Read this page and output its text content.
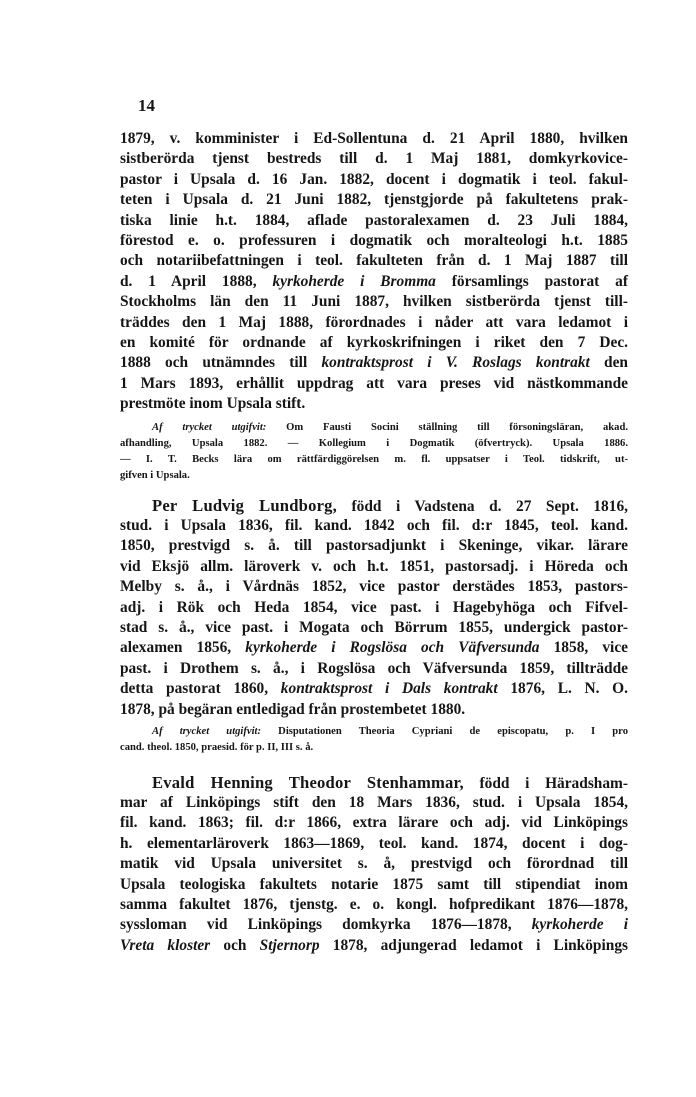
14

1879, v. komminister i Ed-Sollentuna d. 21 April 1880, hvilken
sistberörda tjenst bestreds till d. 1 Maj 1881, domkyrkovice-
pastor i Upsala d. 16 Jan. 1882, docent i dogmatik i teol. fakul-
teten i Upsala d. 21 Juni 1882, tjenstgjorde på fakultetens prak-
tiska linie h.t. 1884, aflade pastoralexamen d. 23 Juli 1884,
förestod e. o. professuren i dogmatik och moralteologi h.t. 1885
och notariibefattningen i teol. fakulteten från d. 1 Maj 1887 till
d. 1 April 1888, kyrkoherde i Bromma församlings pastorat af
Stockholms län den 11 Juni 1887, hvilken sistberörda tjenst till-
träddes den 1 Maj 1888, förordnades i nåder att vara ledamot i
en komité för ordnande af kyrkoskrifningen i riket den 7 Dec.
1888 och utnämndes till kontraktsprost i V. Roslags kontrakt den
1 Mars 1893, erhållit uppdrag att vara preses vid nästkommande
prestmöte inom Upsala stift.
Af trycket utgifvit: Om Fausti Socini ställning till försoningsläran, akad.
afhandling, Upsala 1882. — Kollegium i Dogmatik (öfvertryck). Upsala 1886.
— I. T. Becks lära om rättfärdiggörelsen m. fl. uppsatser i Teol. tidskrift, ut-
gifven i Upsala.
Per Ludvig Lundborg, född i Vadstena d. 27 Sept. 1816,
stud. i Upsala 1836, fil. kand. 1842 och fil. d:r 1845, teol. kand.
1850, prestvigd s. å. till pastorsadjunkt i Skeninge, vikar. lärare
vid Eksjö allm. läroverk v. och h.t. 1851, pastorsadj. i Höreda och
Melby s. å., i Vårdnäs 1852, vice pastor derstädes 1853, pastors-
adj. i Rök och Heda 1854, vice past. i Hagebyhöga och Fifvel-
stad s. å., vice past. i Mogata och Börrum 1855, undergick pastor-
alexamen 1856, kyrkoherde i Rogslösa och Väfversunda 1858, vice
past. i Drothem s. å., i Rogslösa och Väfversunda 1859, tillträdde
detta pastorat 1860, kontraktsprost i Dals kontrakt 1876, L. N. O.
1878, på begäran entledigad från prostembetet 1880.
Af trycket utgifvit: Disputationen Theoria Cypriani de episcopatu, p. I pro
cand. theol. 1850, praesid. för p. II, III s. å.
Evald Henning Theodor Stenhammar, född i Häradsham-
mar af Linköpings stift den 18 Mars 1836, stud. i Upsala 1854,
fil. kand. 1863; fil. d:r 1866, extra lärare och adj. vid Linköpings
h. elementarläroverk 1863—1869, teol. kand. 1874, docent i dog-
matik vid Upsala universitet s. å, prestvigd och förordnad till
Upsala teologiska fakultets notarie 1875 samt till stipendiat inom
samma fakultet 1876, tjenstg. e. o. kongl. hofpredikant 1876—1878,
syssloman vid Linköpings domkyrka 1876—1878, kyrkoherde i
Vreta kloster och Stjernorp 1878, adjungerad ledamot i Linköpings
